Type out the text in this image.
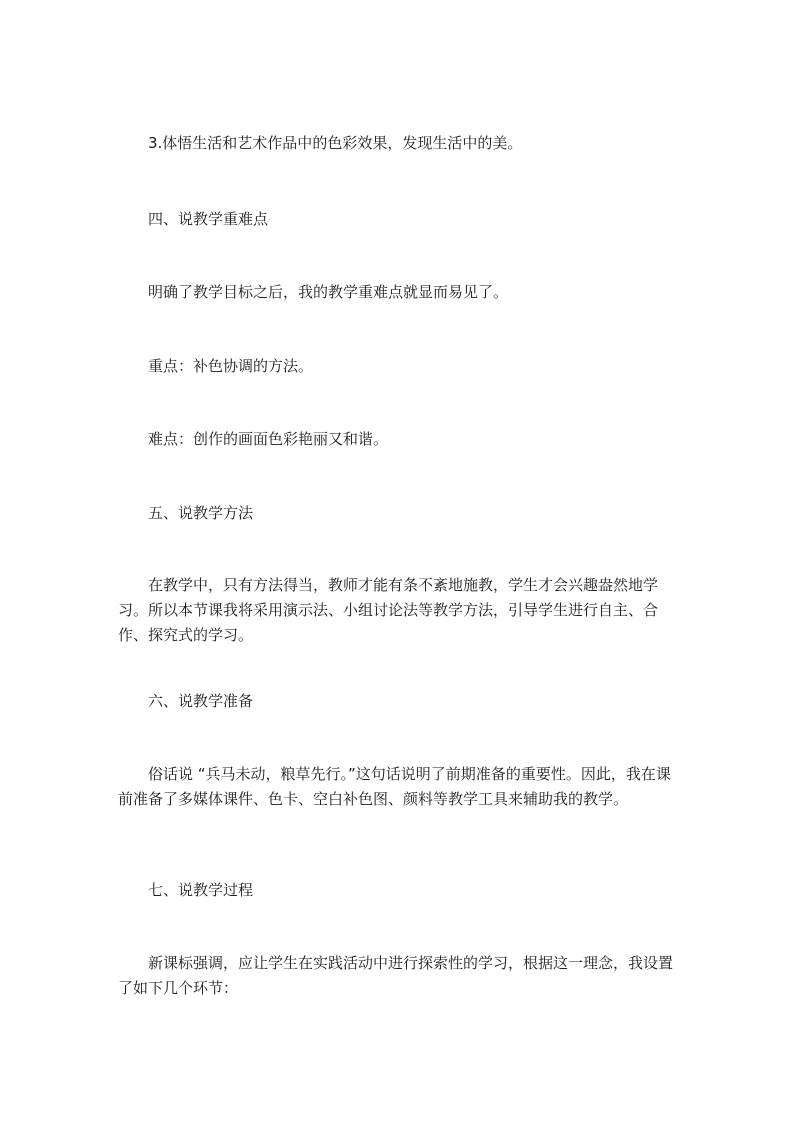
3.体悟生活和艺术作品中的色彩效果，发现生活中的美。

四、说教学重难点

明确了教学目标之后，我的教学重难点就显而易见了。

重点：补色协调的方法。

难点：创作的画面色彩艳丽又和谐。

五、说教学方法

在教学中，只有方法得当，教师才能有条不紊地施教，学生才会兴趣盎然地学习。所以本节课我将采用演示法、小组讨论法等教学方法，引导学生进行自主、合作、探究式的学习。

六、说教学准备

俗话说 “兵马未动，粮草先行。”这句话说明了前期准备的重要性。因此，我在课前准备了多媒体课件、色卡、空白补色图、颜料等教学工具来辅助我的教学。

七、说教学过程

新课标强调，应让学生在实践活动中进行探索性的学习，根据这一理念，我设置了如下几个环节：
